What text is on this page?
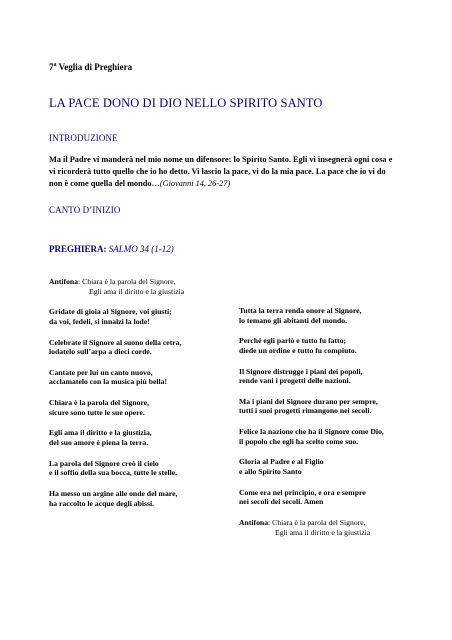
7$^a$ Veglia di Preghiera
LA PACE DONO DI DIO NELLO SPIRITO SANTO
INTRODUZIONE
Ma il Padre vi manderà nel mio nome un difensore: lo Spirito Santo. Egli vi insegnerà ogni cosa e vi ricorderà tutto quello che io ho detto. Vi lascio la pace, vi do la mia pace. La pace che io vi do non è come quella del mondo…(Giovanni 14, 26-27)
CANTO D’INIZIO
PREGHIERA: SALMO 34 (1-12)
Antifona: Chiara è la parola del Signore,
Egli ama il diritto e la giustizia
Gridate di gioia al Signore, voi giusti;
da voi, fedeli, si innalzi la lode!
Celebrate il Signore al suono della cetra,
lodatelo sull’arpa a dieci corde.
Cantate per lui un canto nuovo,
acclamatelo con la musica più bella!
Chiara è la parola del Signore,
sicure sono tutte le sue opere.
Egli ama il diritto e la giustizia,
del suo amore è piena la terra.
La parola del Signore creò il cielo
e il soffio della sua bocca, tutte le stelle.
Ha messo un argine alle onde del mare,
ha raccolto le acque degli abissi.
Tutta la terra renda onore al Signore,
lo temano gli abitanti del mondo.
Perché egli parlò e tutto fu fatto;
diede un ordine e tutto fu compiuto.
Il Signore distrugge i piani dei popoli,
rende vani i progetti delle nazioni.
Ma i piani del Signore durano per sempre,
tutti i suoi progetti rimangono nei secoli.
Felice la nazione che ha il Signore come Dio,
il popolo che egli ha scelto come suo.
Gloria al Padre e al Figlio
e allo Spirito Santo
Come era nel principio, e ora e sempre
nei secoli dei secoli. Amen
Antifona: Chiara è la parola del Signore,
Egli ama il diritto e la giustizia
